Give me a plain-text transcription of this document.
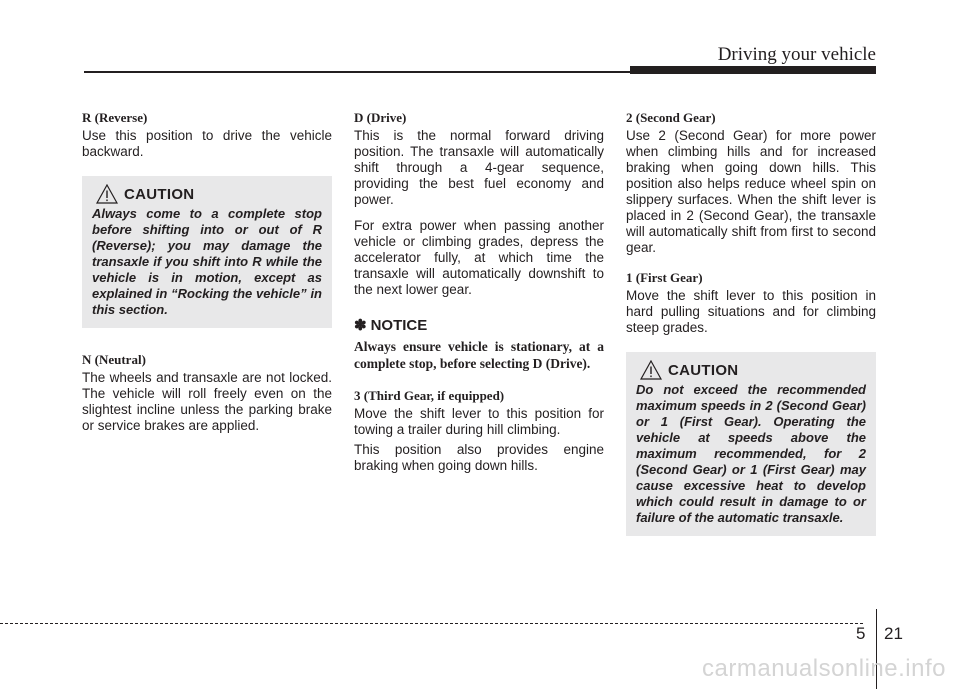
Driving your vehicle
R (Reverse)

Use this position to drive the vehicle backward.

CAUTION

Always come to a complete stop before shifting into or out of R (Reverse); you may damage the transaxle if you shift into R while the vehicle is in motion, except as explained in “Rocking the vehicle” in this section.

N (Neutral)

The wheels and transaxle are not locked. The vehicle will roll freely even on the slightest incline unless the parking brake or service brakes are applied.

D (Drive)

This is the normal forward driving position. The transaxle will automatically shift through a 4-gear sequence, providing the best fuel economy and power.

For extra power when passing another vehicle or climbing grades, depress the accelerator fully, at which time the transaxle will automatically downshift to the next lower gear.

✽ NOTICE

Always ensure vehicle is stationary, at a complete stop, before selecting D (Drive).

3 (Third Gear, if equipped)

Move the shift lever to this position for towing a trailer during hill climbing.

This position also provides engine braking when going down hills.

2 (Second Gear)

Use 2 (Second Gear) for more power when climbing hills and for increased braking when going down hills. This position also helps reduce wheel spin on slippery surfaces. When the shift lever is placed in 2 (Second Gear), the transaxle will automatically shift from first to second gear.

1 (First Gear)

Move the shift lever to this position in hard pulling situations and for climbing steep grades.

CAUTION

Do not exceed the recommended maximum speeds in 2 (Second Gear) or 1 (First Gear). Operating the vehicle at speeds above the maximum recommended, for 2 (Second Gear) or 1 (First Gear) may cause excessive heat to develop which could result in damage to or failure of the automatic transaxle.

5 21
carmanualsonline.info
